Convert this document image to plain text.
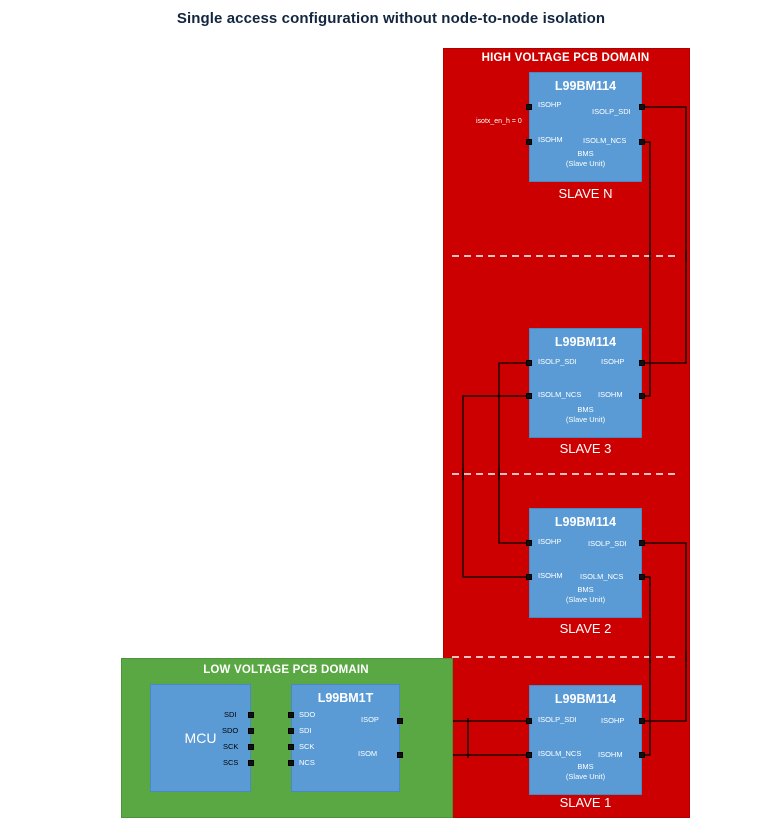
Single access configuration without node-to-node isolation
HIGH VOLTAGE PCB DOMAIN
L99BM114
BMS
(Slave Unit)
ISOHP
ISOHM
ISOLP_SDI
ISOLM_NCS
isotx_en_h = 0
SLAVE N
L99BM114
BMS
(Slave Unit)
ISOLP_SDI
ISOLM_NCS
ISOHP
ISOHM
SLAVE 3
L99BM114
BMS
(Slave Unit)
ISOHP
ISOHM
ISOLP_SDI
ISOLM_NCS
SLAVE 2
L99BM114
BMS
(Slave Unit)
ISOLP_SDI
ISOLM_NCS
ISOHP
ISOHM
SLAVE 1
LOW VOLTAGE PCB DOMAIN
MCU
SDI
SDO
SCK
SCS
L99BM1T
SDO
SDI
SCK
NCS
ISOP
ISOM
